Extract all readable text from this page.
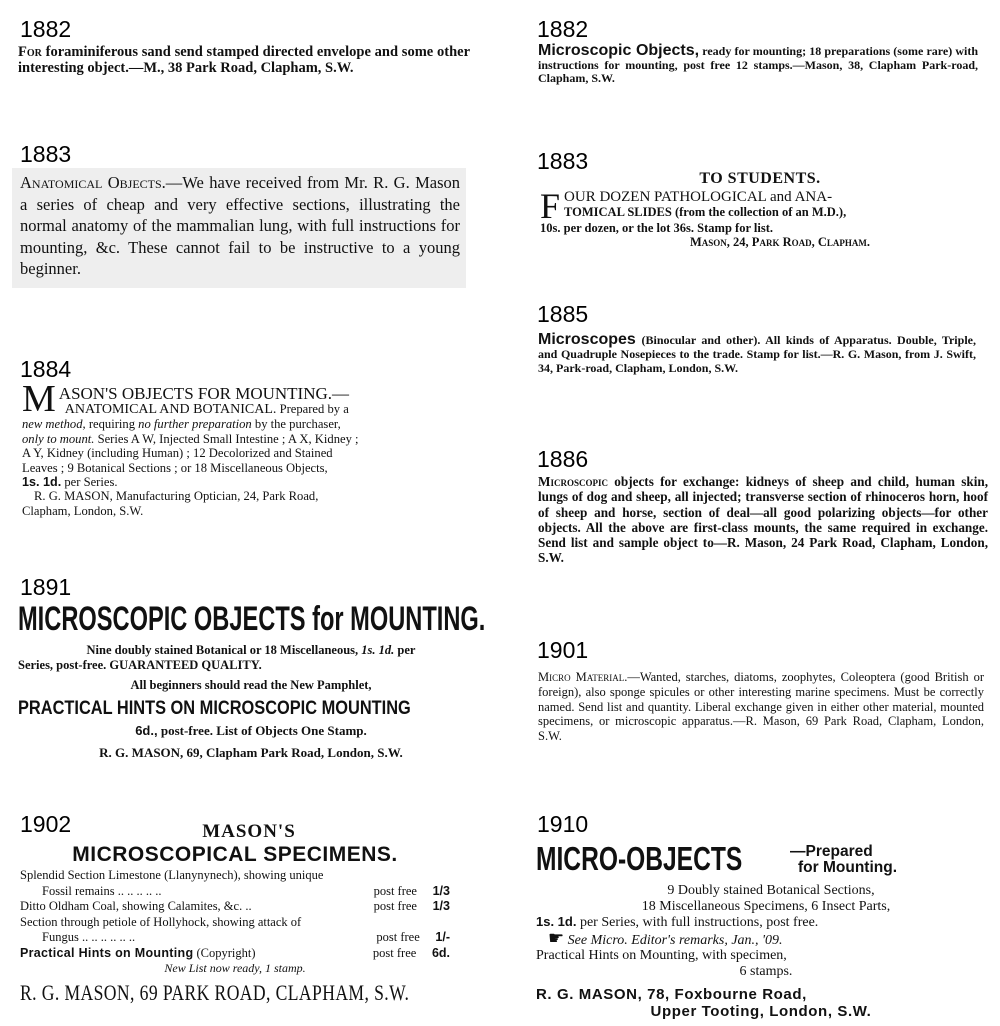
1882
For foraminiferous sand send stamped directed envelope and some other interesting object.—M., 38 Park Road, Clapham, S.W.
1883
Anatomical Objects.—We have received from Mr. R. G. Mason a series of cheap and very effective sections, illustrating the normal anatomy of the mammalian lung, with full instructions for mounting, &c. These cannot fail to be instructive to a young beginner.
1884
M ASON'S OBJECTS FOR MOUNTING.—
ANATOMICAL AND BOTANICAL. Prepared by a
new method, requiring no further preparation by the purchaser,
only to mount. Series A W, Injected Small Intestine ; A X, Kidney ;
A Y, Kidney (including Human) ; 12 Decolorized and Stained
Leaves ; 9 Botanical Sections ; or 18 Miscellaneous Objects,
1s. 1d. per Series.
R. G. MASON, Manufacturing Optician, 24, Park Road,
Clapham, London, S.W.
1891
MICROSCOPIC OBJECTS for MOUNTING.
Nine doubly stained Botanical or 18 Miscellaneous, 1s. 1d. per
Series, post-free. GUARANTEED QUALITY.
All beginners should read the New Pamphlet,
PRACTICAL HINTS ON MICROSCOPIC MOUNTING
6d., post-free. List of Objects One Stamp.
R. G. MASON, 69, Clapham Park Road, London, S.W.
1902	MASON'S
MICROSCOPICAL SPECIMENS.
Splendid Section Limestone (Llanynynech), showing unique
Fossil remains .. .. .. .. ..	post free 1/3
Ditto Oldham Coal, showing Calamites, &c. ..	post free 1/3
Section through petiole of Hollyhock, showing attack of
Fungus .. .. .. .. .. ..	post free 1/-
Practical Hints on Mounting (Copyright)	post free 6d.
New List now ready, 1 stamp.
R. G. MASON, 69 PARK ROAD, CLAPHAM, S.W.
1882
Microscopic Objects, ready for mounting; 18 preparations (some rare) with instructions for mounting, post free 12 stamps.—Mason, 38, Clapham Park-road, Clapham, S.W.
1883
TO STUDENTS.
F OUR DOZEN PATHOLOGICAL and ANA-
TOMICAL SLIDES (from the collection of an M.D.),
10s. per dozen, or the lot 36s. Stamp for list.
Mason, 24, Park Road, Clapham.
1885
Microscopes (Binocular and other). All kinds of Apparatus. Double, Triple, and Quadruple Nosepieces to the trade. Stamp for list.—R. G. Mason, from J. Swift, 34, Park-road, Clapham, London, S.W.
1886
Microscopic objects for exchange: kidneys of sheep and child, human skin, lungs of dog and sheep, all injected; transverse section of rhinoceros horn, hoof of sheep and horse, section of deal—all good polarizing objects—for other objects. All the above are first-class mounts, the same required in exchange. Send list and sample object to—R. Mason, 24 Park Road, Clapham, London, S.W.
1901
Micro Material.—Wanted, starches, diatoms, zoophytes, Coleoptera (good British or foreign), also sponge spicules or other interesting marine specimens. Must be correctly named. Send list and quantity. Liberal exchange given in either other material, mounted specimens, or microscopic apparatus.—R. Mason, 69 Park Road, Clapham, London, S.W.
1910
MICRO-OBJECTS	—Prepared
for Mounting.
9 Doubly stained Botanical Sections,
18 Miscellaneous Specimens, 6 Insect Parts,
1s. 1d. per Series, with full instructions, post free.
☛ See Micro. Editor's remarks, Jan., '09.
Practical Hints on Mounting, with specimen,
6 stamps.
R. G. MASON, 78, Foxbourne Road,
Upper Tooting, London, S.W.
